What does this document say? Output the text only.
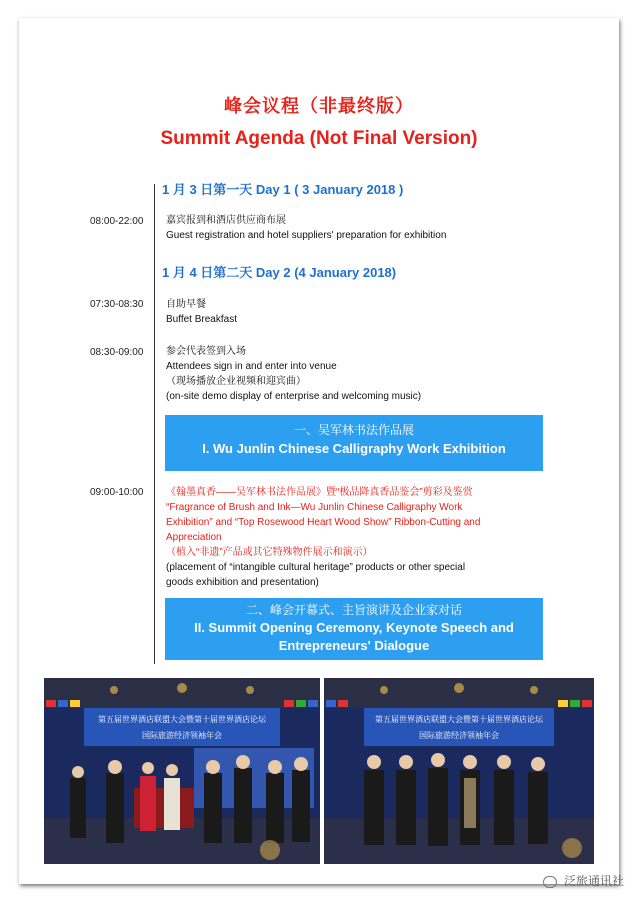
峰会议程（非最终版）
Summit Agenda (Not Final Version)
1 月 3 日第一天 Day 1 ( 3 January 2018 )
08:00-22:00 嘉宾报到和酒店供应商布展
Guest registration and hotel suppliers' preparation for exhibition
1 月 4 日第二天 Day 2 (4 January 2018)
07:30-08:30 自助早餐
Buffet Breakfast
08:30-09:00 参会代表签到入场
Attendees sign in and enter into venue
（现场播放企业视频和迎宾曲）
(on-site demo display of enterprise and welcoming music)
一、吴军林书法作品展
I. Wu Junlin Chinese Calligraphy Work Exhibition
09:00-10:00 《翰墨真香——吴军林书法作品展》暨“极品降真香品鉴会”剪彩及鉴赏
“Fragrance of Brush and Ink—Wu Junlin Chinese Calligraphy Work
Exhibition” and “Top Rosewood Heart Wood Show” Ribbon-Cutting and
Appreciation
（植入“非遗”产品或其它特殊物件展示和演示）
(placement of “intangible cultural heritage” products or other special
goods exhibition and presentation)
二、峰会开幕式、主旨演讲及企业家对话
II. Summit Opening Ceremony, Keynote Speech and
Entrepreneurs' Dialogue
第五届世界酒店联盟大会暨第十届世界酒店论坛
国际旅游经济领袖年会
第五届世界酒店联盟大会暨第十届世界酒店论坛
国际旅游经济领袖年会
泛旅通讯社
